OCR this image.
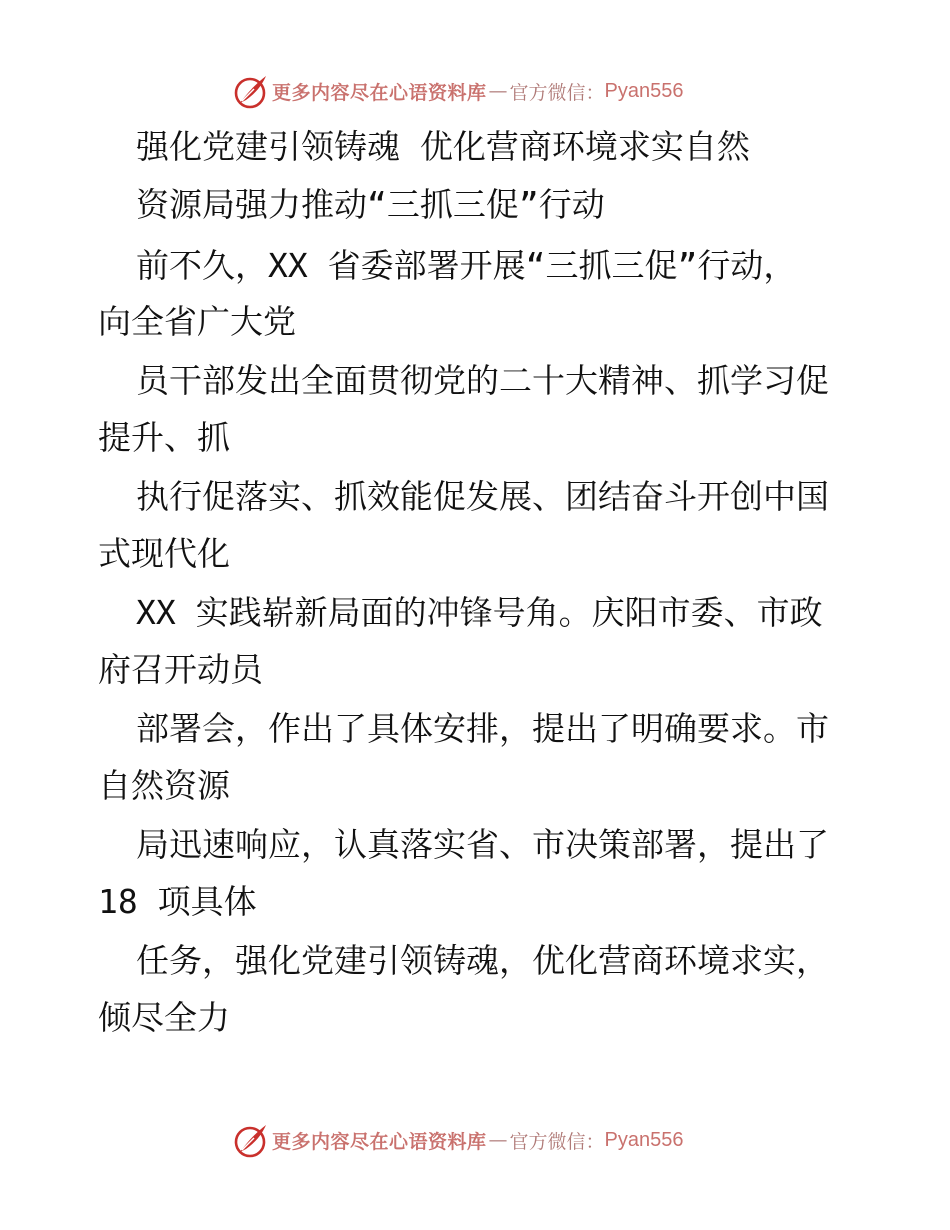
更多内容尽在心语资料库 — 官方微信： Pyan556
强化党建引领铸魂 优化营商环境求实自然
资源局强力推动“三抓三促”行动
前不久，XX 省委部署开展“三抓三促”行动，
向全省广大党
员干部发出全面贯彻党的二十大精神、抓学习促
提升、抓
执行促落实、抓效能促发展、团结奋斗开创中国
式现代化
XX 实践崭新局面的冲锋号角。庆阳市委、市政
府召开动员
部署会，作出了具体安排，提出了明确要求。市
自然资源
局迅速响应，认真落实省、市决策部署，提出了
18 项具体
任务，强化党建引领铸魂，优化营商环境求实，
倾尽全力
更多内容尽在心语资料库 — 官方微信： Pyan556
